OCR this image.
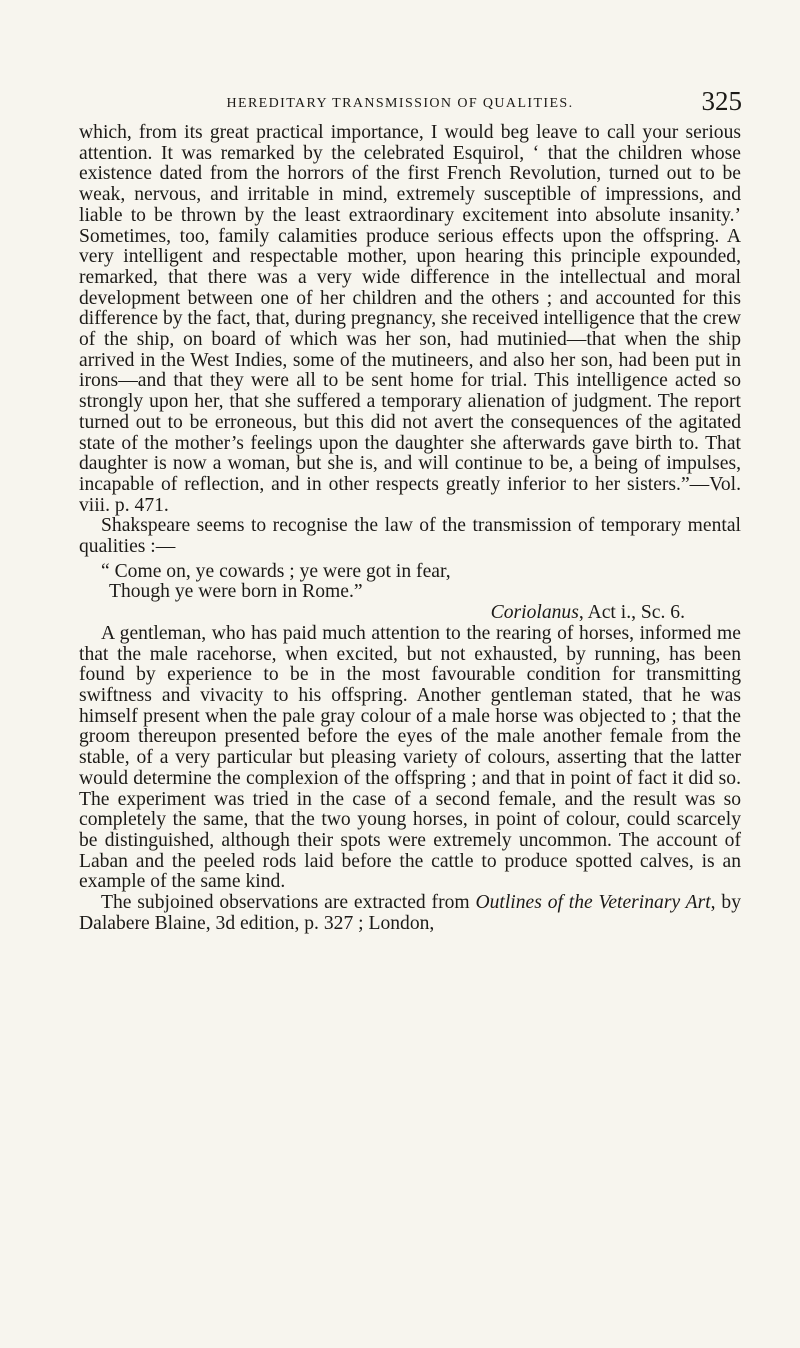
HEREDITARY TRANSMISSION OF QUALITIES.	325

which, from its great practical importance, I would beg leave to call your serious attention. It was remarked by the celebrated Esquirol, ‘ that the children whose existence dated from the horrors of the first French Revolution, turned out to be weak, nervous, and irritable in mind, extremely susceptible of impressions, and liable to be thrown by the least extraordinary excitement into absolute insanity.’ Sometimes, too, family calamities produce serious effects upon the offspring. A very intelligent and respectable mother, upon hearing this principle expounded, remarked, that there was a very wide difference in the intellectual and moral development between one of her children and the others ; and accounted for this difference by the fact, that, during pregnancy, she received intelligence that the crew of the ship, on board of which was her son, had mutinied—that when the ship arrived in the West Indies, some of the mutineers, and also her son, had been put in irons—and that they were all to be sent home for trial. This intelligence acted so strongly upon her, that she suffered a temporary alienation of judgment. The report turned out to be erroneous, but this did not avert the consequences of the agitated state of the mother’s feelings upon the daughter she afterwards gave birth to. That daughter is now a woman, but she is, and will continue to be, a being of impulses, incapable of reflection, and in other respects greatly inferior to her sisters.”—Vol. viii. p. 471.

Shakspeare seems to recognise the law of the transmission of temporary mental qualities :—

“ Come on, ye cowards ; ye were got in fear,
Though ye were born in Rome.”
Coriolanus, Act i., Sc. 6.

A gentleman, who has paid much attention to the rearing of horses, informed me that the male racehorse, when excited, but not exhausted, by running, has been found by experience to be in the most favourable condition for transmitting swiftness and vivacity to his offspring. Another gentleman stated, that he was himself present when the pale gray colour of a male horse was objected to ; that the groom thereupon presented before the eyes of the male another female from the stable, of a very particular but pleasing variety of colours, asserting that the latter would determine the complexion of the offspring ; and that in point of fact it did so. The experiment was tried in the case of a second female, and the result was so completely the same, that the two young horses, in point of colour, could scarcely be distinguished, although their spots were extremely uncommon. The account of Laban and the peeled rods laid before the cattle to produce spotted calves, is an example of the same kind.

The subjoined observations are extracted from Outlines of the Veterinary Art, by Dalabere Blaine, 3d edition, p. 327 ; London,
